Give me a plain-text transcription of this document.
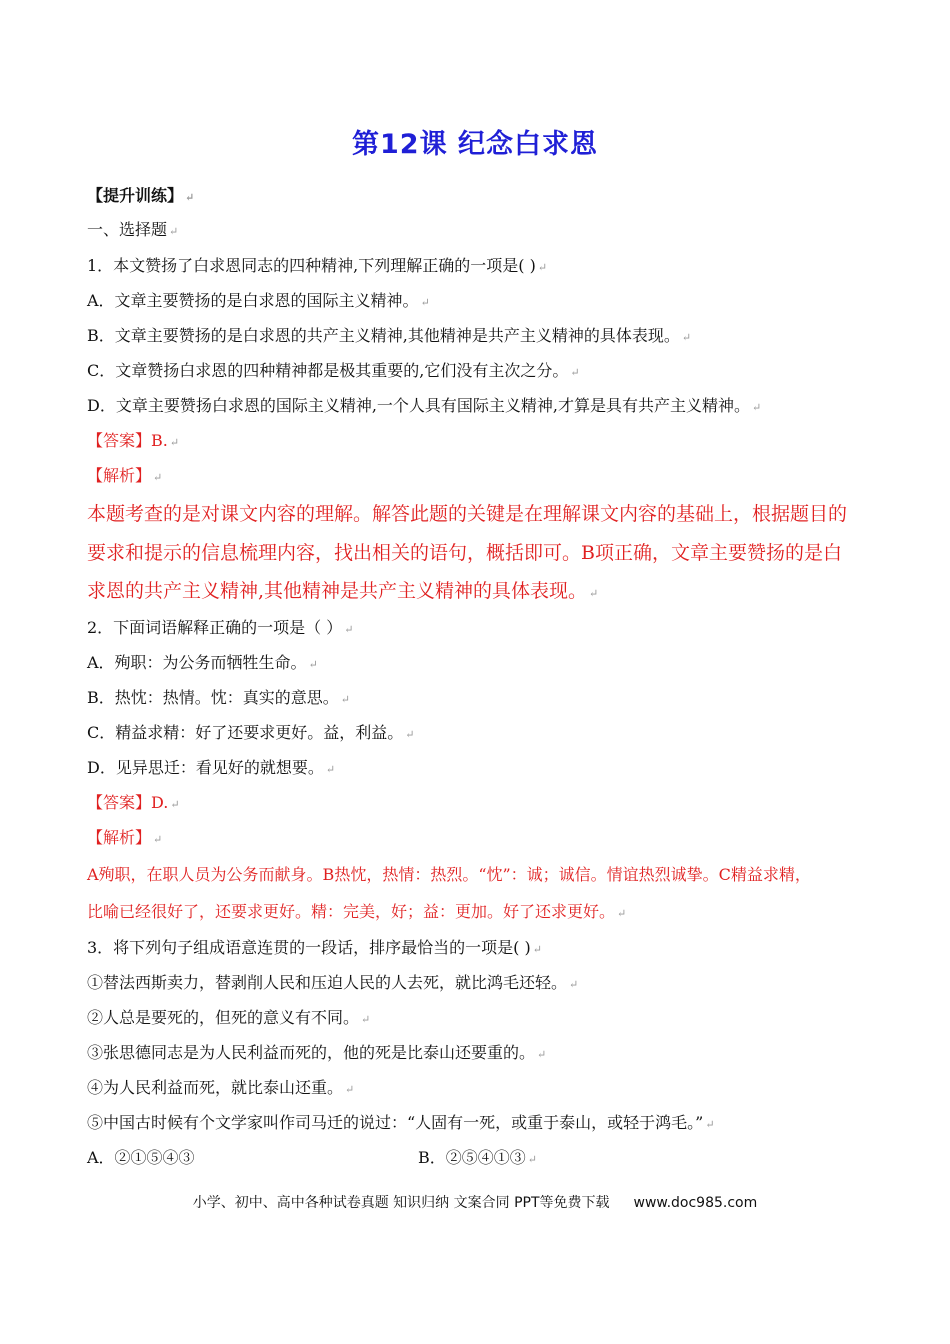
第12课 纪念白求恩
【提升训练】 ↵
一、选择题 ↵
1．本文赞扬了白求恩同志的四种精神,下列理解正确的一项是( ) ↵
A．文章主要赞扬的是白求恩的国际主义精神。 ↵
B．文章主要赞扬的是白求恩的共产主义精神,其他精神是共产主义精神的具体表现。 ↵
C．文章赞扬白求恩的四种精神都是极其重要的,它们没有主次之分。 ↵
D．文章主要赞扬白求恩的国际主义精神,一个人具有国际主义精神,才算是具有共产主义精神。 ↵
【答案】B. ↵
【解析】 ↵
本题考查的是对课文内容的理解。解答此题的关键是在理解课文内容的基础上，根据题目的
要求和提示的信息梳理内容，找出相关的语句，概括即可。B项正确，文章主要赞扬的是白
求恩的共产主义精神,其他精神是共产主义精神的具体表现。 ↵
2．下面词语解释正确的一项是（ ） ↵
A．殉职：为公务而牺牲生命。 ↵
B．热忱：热情。忱：真实的意思。 ↵
C．精益求精：好了还要求更好。益，利益。 ↵
D．见异思迁：看见好的就想要。 ↵
【答案】D. ↵
【解析】 ↵
A殉职，在职人员为公务而献身。B热忱，热情：热烈。“忱”：诚；诚信。情谊热烈诚挚。C精益求精，
比喻已经很好了，还要求更好。精：完美，好；益：更加。好了还求更好。 ↵
3．将下列句子组成语意连贯的一段话，排序最恰当的一项是( ) ↵
①替法西斯卖力，替剥削人民和压迫人民的人去死，就比鸿毛还轻。 ↵
②人总是要死的，但死的意义有不同。 ↵
③张思德同志是为人民利益而死的，他的死是比泰山还要重的。 ↵
④为人民利益而死，就比泰山还重。 ↵
⑤中国古时候有个文学家叫作司马迁的说过：“人固有一死，或重于泰山，或轻于鸿毛。” ↵
A．②①⑤④③	B．②⑤④①③ ↵
小学、初中、高中各种试卷真题 知识归纳 文案合同 PPT等免费下载 www.doc985.com
